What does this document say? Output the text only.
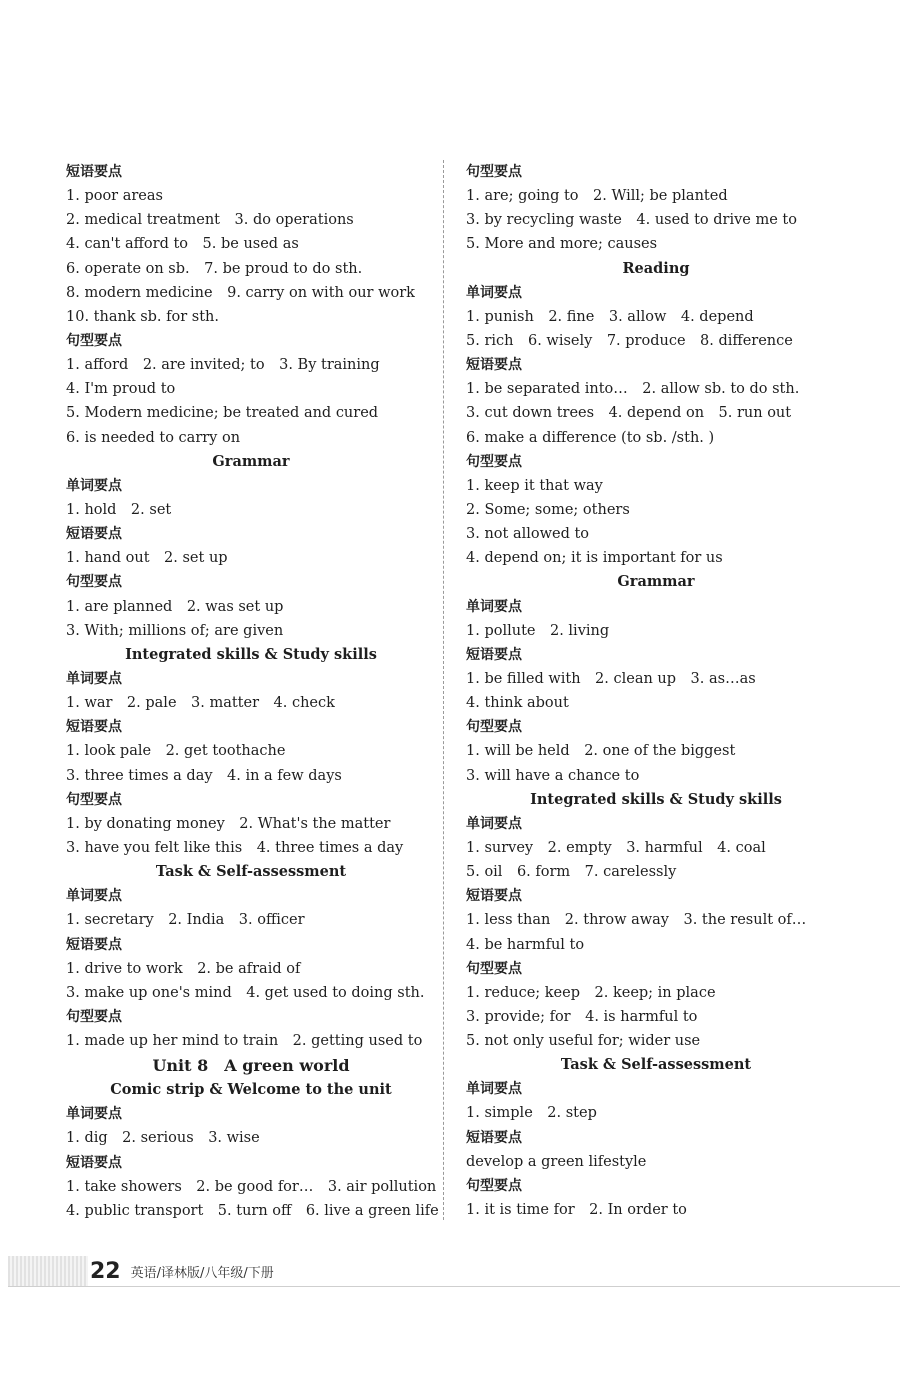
短语要点
1. poor areas
2. medical treatment　3. do operations
4. can't afford to　5. be used as
6. operate on sb.　7. be proud to do sth.
8. modern medicine　9. carry on with our work
10. thank sb. for sth.
句型要点
1. afford　2. are invited; to　3. By training
4. I'm proud to
5. Modern medicine; be treated and cured
6. is needed to carry on
Grammar
单词要点
1. hold　2. set
短语要点
1. hand out　2. set up
句型要点
1. are planned　2. was set up
3. With; millions of; are given
Integrated skills & Study skills
单词要点
1. war　2. pale　3. matter　4. check
短语要点
1. look pale　2. get toothache
3. three times a day　4. in a few days
句型要点
1. by donating money　2. What's the matter
3. have you felt like this　4. three times a day
Task & Self-assessment
单词要点
1. secretary　2. India　3. officer
短语要点
1. drive to work　2. be afraid of
3. make up one's mind　4. get used to doing sth.
句型要点
1. made up her mind to train　2. getting used to
Unit 8　A green world
Comic strip & Welcome to the unit
单词要点
1. dig　2. serious　3. wise
短语要点
1. take showers　2. be good for…　3. air pollution
4. public transport　5. turn off　6. live a green life
句型要点
1. are; going to　2. Will; be planted
3. by recycling waste　4. used to drive me to
5. More and more; causes
Reading
单词要点
1. punish　2. fine　3. allow　4. depend
5. rich　6. wisely　7. produce　8. difference
短语要点
1. be separated into…　2. allow sb. to do sth.
3. cut down trees　4. depend on　5. run out
6. make a difference (to sb. /sth. )
句型要点
1. keep it that way
2. Some; some; others
3. not allowed to
4. depend on; it is important for us
Grammar
单词要点
1. pollute　2. living
短语要点
1. be filled with　2. clean up　3. as…as
4. think about
句型要点
1. will be held　2. one of the biggest
3. will have a chance to
Integrated skills & Study skills
单词要点
1. survey　2. empty　3. harmful　4. coal
5. oil　6. form　7. carelessly
短语要点
1. less than　2. throw away　3. the result of…
4. be harmful to
句型要点
1. reduce; keep　2. keep; in place
3. provide; for　4. is harmful to
5. not only useful for; wider use
Task & Self-assessment
单词要点
1. simple　2. step
短语要点
develop a green lifestyle
句型要点
1. it is time for　2. In order to
22 英语/译林版/八年级/下册
